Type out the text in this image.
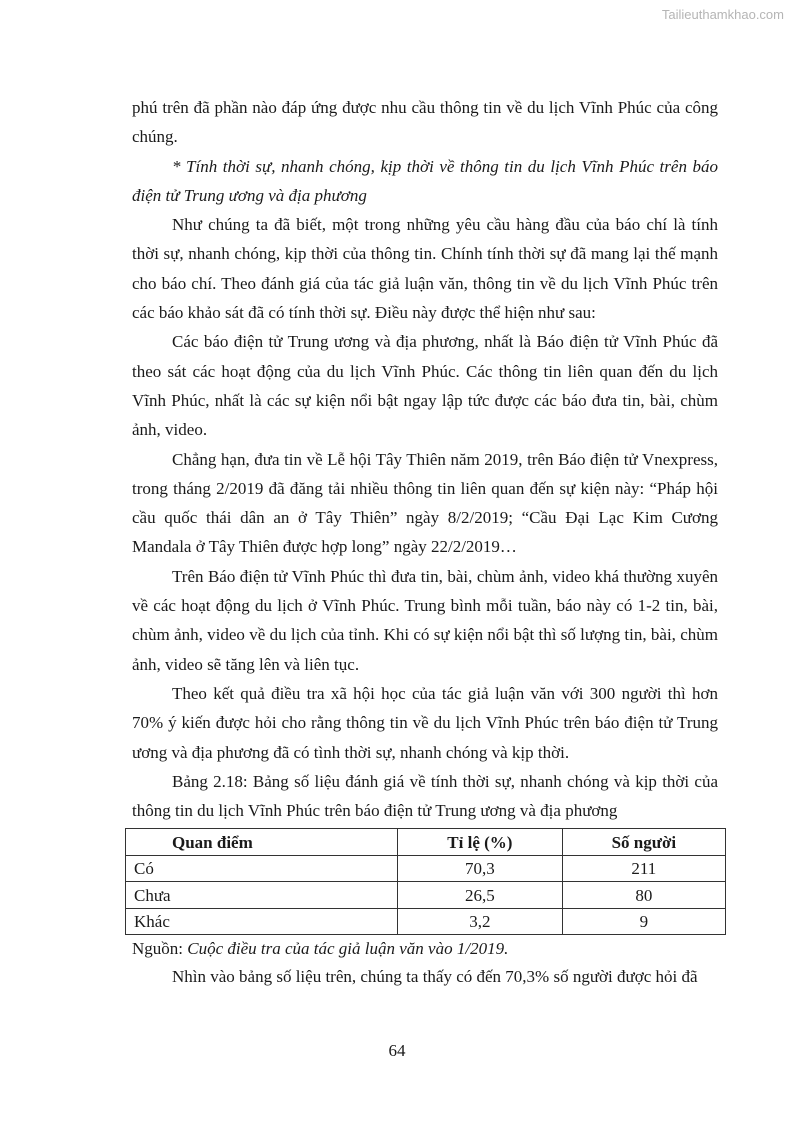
Tailieuthamkhao.com

phú trên đã phần nào đáp ứng được nhu cầu thông tin về du lịch Vĩnh Phúc của công chúng.

* Tính thời sự, nhanh chóng, kịp thời về thông tin du lịch Vĩnh Phúc trên báo điện tử Trung ương và địa phương

Như chúng ta đã biết, một trong những yêu cầu hàng đầu của báo chí là tính thời sự, nhanh chóng, kịp thời của thông tin. Chính tính thời sự đã mang lại thế mạnh cho báo chí. Theo đánh giá của tác giả luận văn, thông tin về du lịch Vĩnh Phúc trên các báo khảo sát đã có tính thời sự. Điều này được thể hiện như sau:

Các báo điện tử Trung ương và địa phương, nhất là Báo điện tử Vĩnh Phúc đã theo sát các hoạt động của du lịch Vĩnh Phúc. Các thông tin liên quan đến du lịch Vĩnh Phúc, nhất là các sự kiện nổi bật ngay lập tức được các báo đưa tin, bài, chùm ảnh, video.

Chẳng hạn, đưa tin về Lễ hội Tây Thiên năm 2019, trên Báo điện tử Vnexpress, trong tháng 2/2019 đã đăng tải nhiều thông tin liên quan đến sự kiện này: “Pháp hội cầu quốc thái dân an ở Tây Thiên” ngày 8/2/2019; “Cầu Đại Lạc Kim Cương Mandala ở Tây Thiên được hợp long” ngày 22/2/2019…

Trên Báo điện tử Vĩnh Phúc thì đưa tin, bài, chùm ảnh, video khá thường xuyên về các hoạt động du lịch ở Vĩnh Phúc. Trung bình mỗi tuần, báo này có 1-2 tin, bài, chùm ảnh, video về du lịch của tỉnh. Khi có sự kiện nổi bật thì số lượng tin, bài, chùm ảnh, video sẽ tăng lên và liên tục.

Theo kết quả điều tra xã hội học của tác giả luận văn với 300 người thì hơn 70% ý kiến được hỏi cho rằng thông tin về du lịch Vĩnh Phúc trên báo điện tử Trung ương và địa phương đã có tình thời sự, nhanh chóng và kịp thời.

Bảng 2.18: Bảng số liệu đánh giá về tính thời sự, nhanh chóng và kịp thời của thông tin du lịch Vĩnh Phúc trên báo điện tử Trung ương và địa phương

Quan điểm	Tỉ lệ (%)	Số người
Có	70,3	211
Chưa	26,5	80
Khác	3,2	9

Nguồn: Cuộc điều tra của tác giả luận văn vào 1/2019.

Nhìn vào bảng số liệu trên, chúng ta thấy có đến 70,3% số người được hỏi đã

64
